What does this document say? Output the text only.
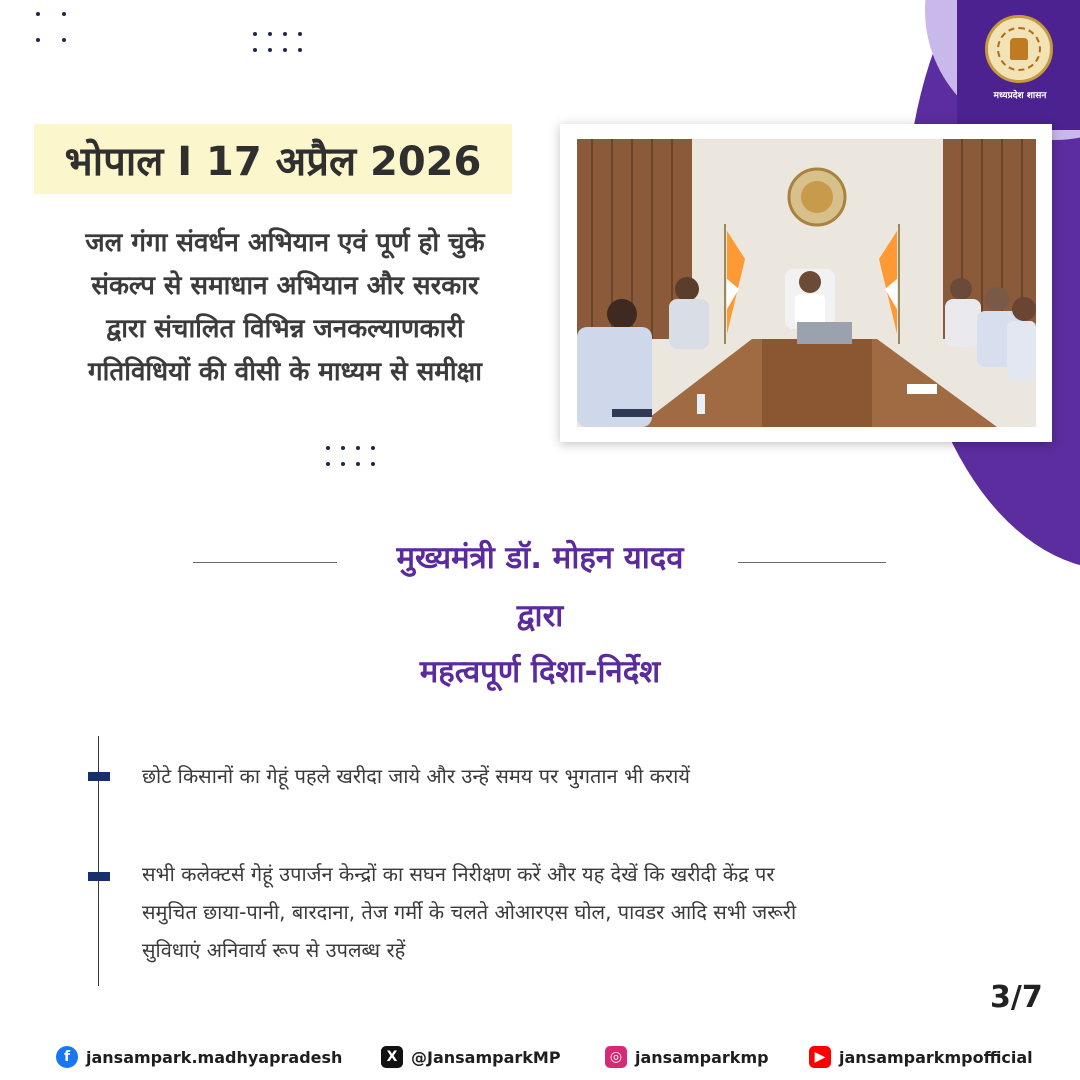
मध्यप्रदेश शासन
भोपाल I 17 अप्रैल 2026
जल गंगा संवर्धन अभियान एवं पूर्ण हो चुके
संकल्प से समाधान अभियान और सरकार
द्वारा संचालित विभिन्न जनकल्याणकारी
गतिविधियों की वीसी के माध्यम से समीक्षा
मुख्यमंत्री डॉ. मोहन यादव
द्वारा
महत्वपूर्ण दिशा-निर्देश
छोटे किसानों का गेहूं पहले खरीदा जाये और उन्हें समय पर भुगतान भी करायें
सभी कलेक्टर्स गेहूं उपार्जन केन्द्रों का सघन निरीक्षण करें और यह देखें कि खरीदी केंद्र पर
समुचित छाया-पानी, बारदाना, तेज गर्मी के चलते ओआरएस घोल, पावडर आदि सभी जरूरी
सुविधाएं अनिवार्य रूप से उपलब्ध रहें
3/7
f jansampark.madhyapradesh	X @JansamparkMP	◎ jansamparkmp	▶ jansamparkmpofficial
